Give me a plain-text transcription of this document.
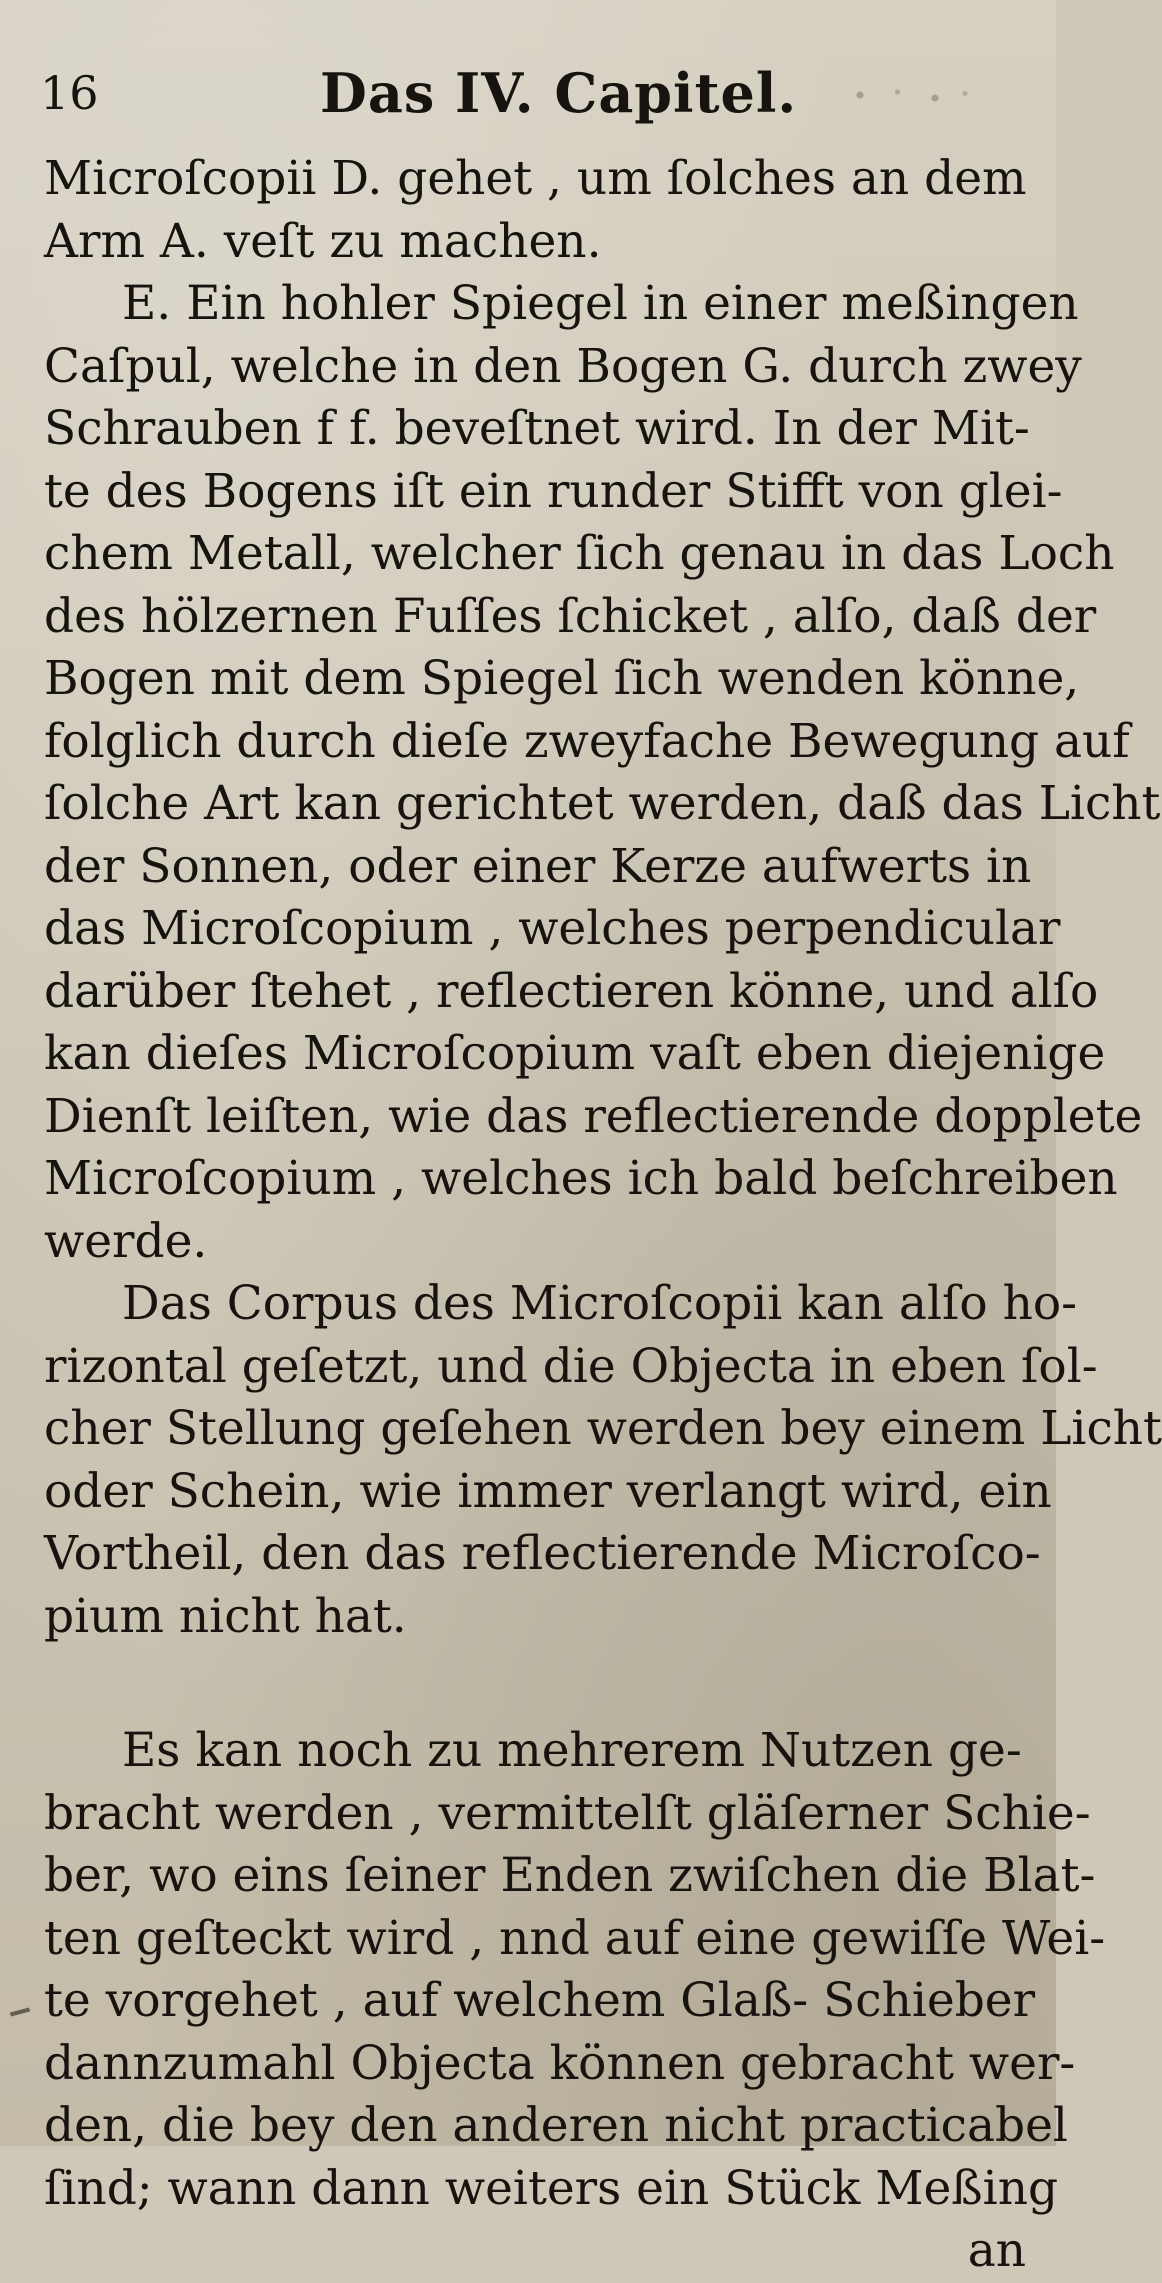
16	Das IV. Capitel.
Microſcopii D. gehet , um ſolches an dem
Arm A. veſt zu machen.
E. Ein hohler Spiegel in einer meßingen
Caſpul, welche in den Bogen G. durch zwey
Schrauben f f. beveſtnet wird. In der Mit-
te des Bogens iſt ein runder Stifft von glei-
chem Metall, welcher ſich genau in das Loch
des hölzernen Fuſſes ſchicket , alſo, daß der
Bogen mit dem Spiegel ſich wenden könne,
folglich durch dieſe zweyfache Bewegung auf
ſolche Art kan gerichtet werden, daß das Licht
der Sonnen, oder einer Kerze aufwerts in
das Microſcopium , welches perpendicular
darüber ſtehet , reflectieren könne, und alſo
kan dieſes Microſcopium vaſt eben diejenige
Dienſt leiſten, wie das reflectierende dopplete
Microſcopium , welches ich bald beſchreiben
werde.
Das Corpus des Microſcopii kan alſo ho-
rizontal geſetzt, und die Objecta in eben ſol-
cher Stellung geſehen werden bey einem Licht
oder Schein, wie immer verlangt wird, ein
Vortheil, den das reflectierende Microſco-
pium nicht hat.
Es kan noch zu mehrerem Nutzen ge-
bracht werden , vermittelſt gläſerner Schie-
ber, wo eins ſeiner Enden zwiſchen die Blat-
ten geſteckt wird , nnd auf eine gewiſſe Wei-
te vorgehet , auf welchem Glaß- Schieber
dannzumahl Objecta können gebracht wer-
den, die bey den anderen nicht practicabel
ſind; wann dann weiters ein Stück Meßing
an
